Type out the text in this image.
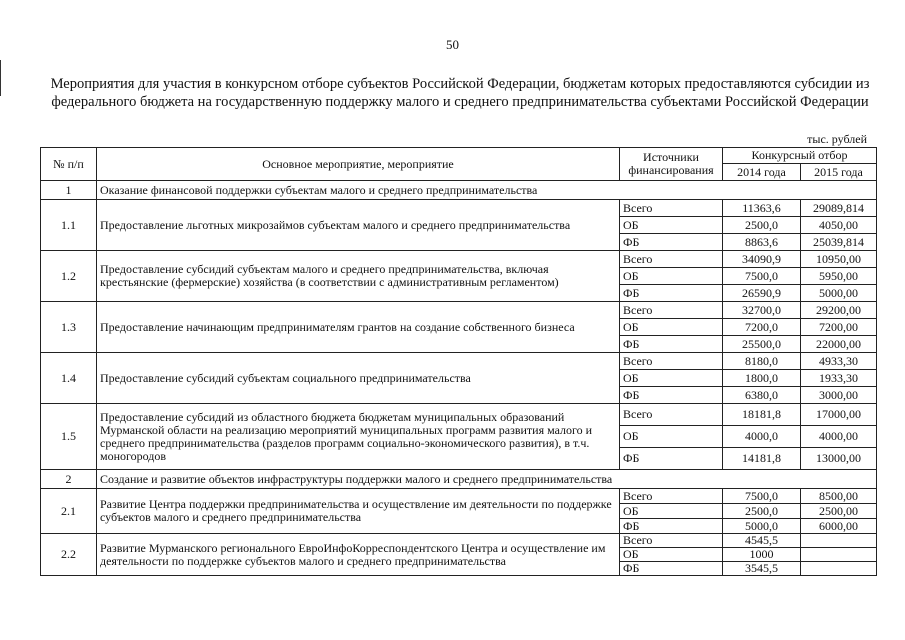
50
Мероприятия для участия в конкурсном отборе субъектов Российской Федерации, бюджетам которых предоставляются субсидии из федерального бюджета на государственную поддержку малого и среднего предпринимательства субъектами Российской Федерации
тыс. рублей
№ п/п	Основное мероприятие, мероприятие	Источники финансирования	Конкурсный отбор	
			2014 года	2015 года
1	Оказание финансовой поддержки субъектам малого и среднего предпринимательства			
1.1	Предоставление льготных микрозаймов субъектам малого и среднего предпринимательства	Всего	11363,6	29089,814
		ОБ	2500,0	4050,00
		ФБ	8863,6	25039,814
1.2	Предоставление субсидий субъектам малого и среднего предпринимательства, включая крестьянские (фермерские) хозяйства (в соответствии с административным регламентом)	Всего	34090,9	10950,00
		ОБ	7500,0	5950,00
		ФБ	26590,9	5000,00
1.3	Предоставление начинающим предпринимателям грантов на создание собственного бизнеса	Всего	32700,0	29200,00
		ОБ	7200,0	7200,00
		ФБ	25500,0	22000,00
1.4	Предоставление субсидий субъектам социального предпринимательства	Всего	8180,0	4933,30
		ОБ	1800,0	1933,30
		ФБ	6380,0	3000,00
1.5	Предоставление субсидий из областного бюджета бюджетам муниципальных образований Мурманской области на реализацию мероприятий муниципальных программ развития малого и среднего предпринимательства (разделов программ социально-экономического развития), в т.ч. моногородов	Всего	18181,8	17000,00
		ОБ	4000,0	4000,00
		ФБ	14181,8	13000,00
2	Создание и развитие объектов инфраструктуры поддержки малого и среднего предпринимательства			
2.1	Развитие Центра поддержки предпринимательства и осуществление им деятельности по поддержке субъектов малого и среднего предпринимательства	Всего	7500,0	8500,00
		ОБ	2500,0	2500,00
		ФБ	5000,0	6000,00
2.2	Развитие Мурманского регионального ЕвроИнфоКорреспондентского Центра и осуществление им деятельности по поддержке субъектов малого и среднего предпринимательства	Всего	4545,5	
		ОБ	1000	
		ФБ	3545,5	
